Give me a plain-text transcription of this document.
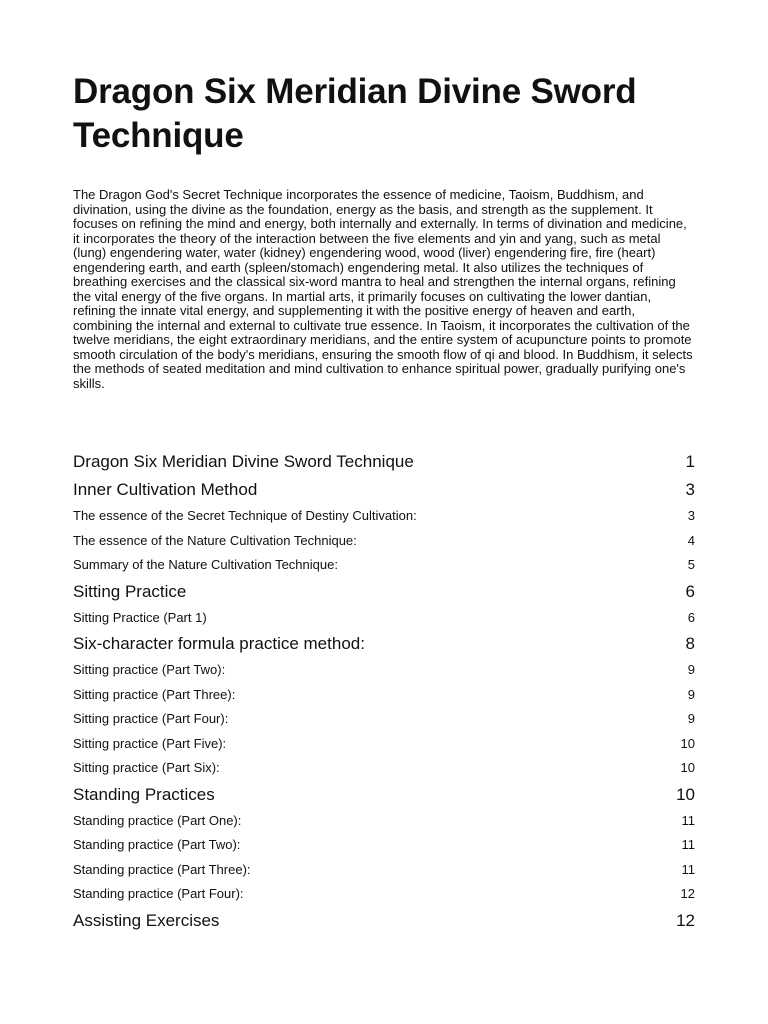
Dragon Six Meridian Divine Sword Technique

The Dragon God's Secret Technique incorporates the essence of medicine, Taoism, Buddhism, and divination, using the divine as the foundation, energy as the basis, and strength as the supplement. It focuses on refining the mind and energy, both internally and externally. In terms of divination and medicine, it incorporates the theory of the interaction between the five elements and yin and yang, such as metal (lung) engendering water, water (kidney) engendering wood, wood (liver) engendering fire, fire (heart) engendering earth, and earth (spleen/stomach) engendering metal. It also utilizes the techniques of breathing exercises and the classical six-word mantra to heal and strengthen the internal organs, refining the vital energy of the five organs. In martial arts, it primarily focuses on cultivating the lower dantian, refining the innate vital energy, and supplementing it with the positive energy of heaven and earth, combining the internal and external to cultivate true essence. In Taoism, it incorporates the cultivation of the twelve meridians, the eight extraordinary meridians, and the entire system of acupuncture points to promote smooth circulation of the body's meridians, ensuring the smooth flow of qi and blood. In Buddhism, it selects the methods of seated meditation and mind cultivation to enhance spiritual power, gradually purifying one's skills.

Dragon Six Meridian Divine Sword Technique	1
Inner Cultivation Method	3
The essence of the Secret Technique of Destiny Cultivation:	3
The essence of the Nature Cultivation Technique:	4
Summary of the Nature Cultivation Technique:	5
Sitting Practice	6
Sitting Practice (Part 1)	6
Six-character formula practice method:	8
Sitting practice (Part Two):	9
Sitting practice (Part Three):	9
Sitting practice (Part Four):	9
Sitting practice (Part Five):	10
Sitting practice (Part Six):	10
Standing Practices	10
Standing practice (Part One):	11
Standing practice (Part Two):	11
Standing practice (Part Three):	11
Standing practice (Part Four):	12
Assisting Exercises	12
